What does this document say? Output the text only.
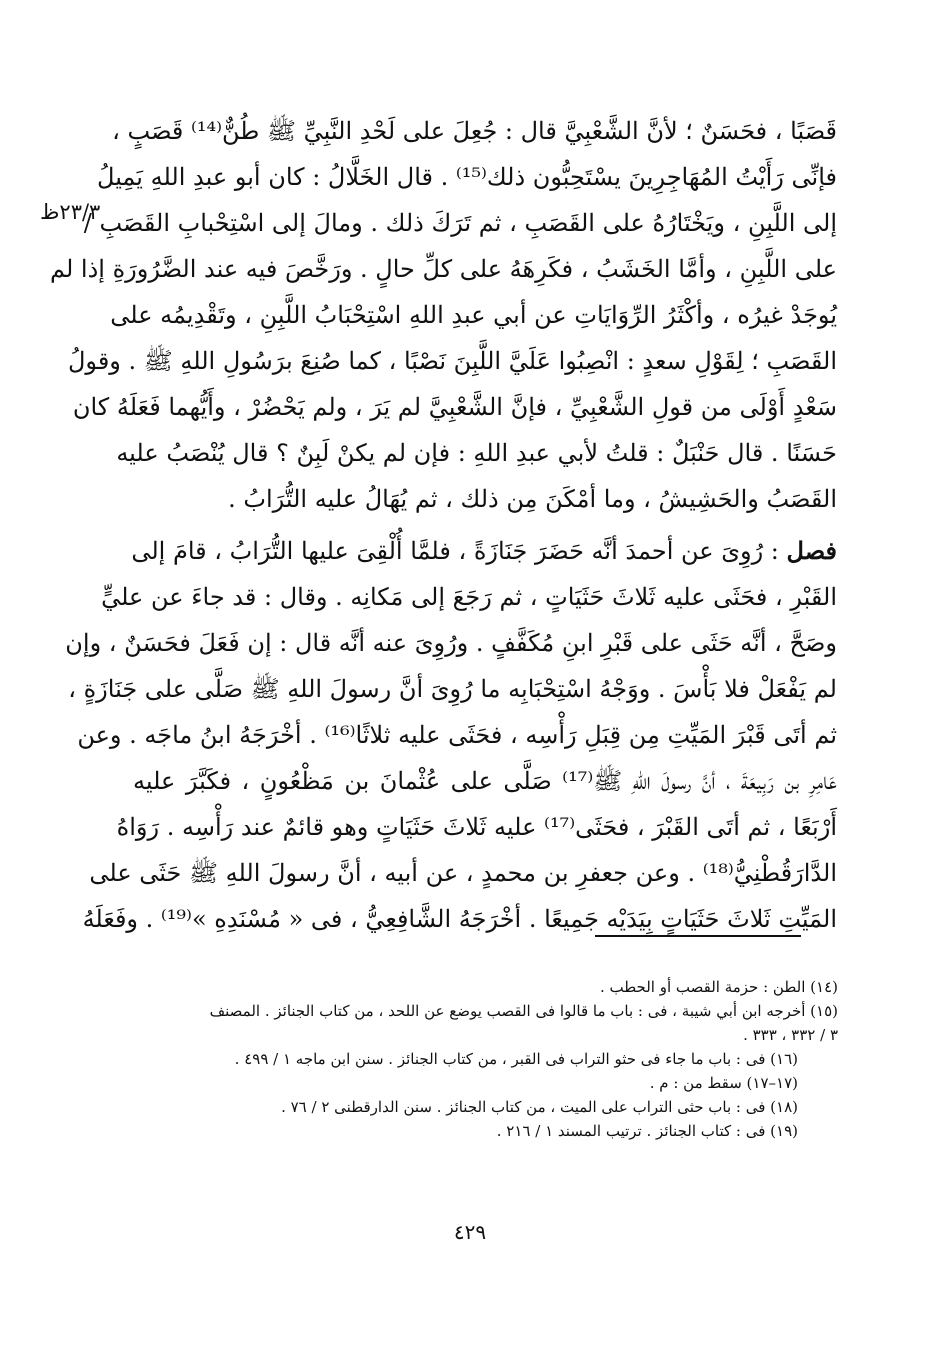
٢٣/٣ظ
قَصَبًا ، فحَسَنٌ ؛ لأنَّ الشَّعْبِيَّ قال : جُعِلَ على لَحْدِ النَّبِيِّ ﷺ طُنٌّ⁽¹⁴⁾ قَصَبٍ ،
فإنِّى رَأَيْتُ المُهَاجِرِينَ يسْتَحِبُّون ذلك⁽¹⁵⁾ . قال الخَلَّالُ : كان أبو عبدِ اللهِ يَمِيلُ
إلى اللَّبِنِ ، ويَخْتَارُهُ على القَصَبِ ، ثم تَرَكَ ذلك . ومالَ إلى اسْتِحْبابِ القَصَبِ /
على اللَّبِنِ ، وأمَّا الخَشَبُ ، فكَرِهَهُ على كلِّ حالٍ . ورَخَّصَ فيه عند الضَّرُورَةِ إذا لم
يُوجَدْ غيرُه ، وأكْثَرُ الرِّوَايَاتِ عن أبي عبدِ اللهِ اسْتِحْبَابُ اللَّبِنِ ، وتَقْدِيمُه على
القَصَبِ ؛ لِقَوْلِ سعدٍ : انْصِبُوا عَلَيَّ اللَّبِنَ نَصْبًا ، كما صُنِعَ برَسُولِ اللهِ ﷺ . وقولُ
سَعْدٍ أَوْلَى من قولِ الشَّعْبِيِّ ، فإنَّ الشَّعْبِيَّ لم يَرَ ، ولم يَحْضُرْ ، وأَيُّهما فَعَلَهُ كان
حَسَنًا . قال حَنْبَلٌ : قلتُ لأبي عبدِ اللهِ : فإن لم يكنْ لَبِنٌ ؟ قال يُنْصَبُ عليه
القَصَبُ والحَشِيشُ ، وما أمْكَنَ مِن ذلك ، ثم يُهَالُ عليه التُّرَابُ .
فصل : رُوِىَ عن أحمدَ أنَّه حَضَرَ جَنَازَةً ، فلمَّا أُلْقِىَ عليها التُّرَابُ ، قامَ إلى
القَبْرِ ، فحَثَى عليه ثَلاثَ حَثَيَاتٍ ، ثم رَجَعَ إلى مَكانِه . وقال : قد جاءَ عن عليٍّ
وصَحَّ ، أنَّه حَثَى على قَبْرِ ابنِ مُكَفَّفٍ . ورُوِىَ عنه أنَّه قال : إن فَعَلَ فحَسَنٌ ، وإن
لم يَفْعَلْ فلا بَأْسَ . ووَجْهُ اسْتِحْبَابِه ما رُوِىَ أنَّ رسولَ اللهِ ﷺ صَلَّى على جَنَازَةٍ ،
ثم أتَى قَبْرَ المَيِّتِ مِن قِبَلِ رَأْسِه ، فحَثَى عليه ثلاثًا⁽¹⁶⁾ . أخْرَجَهُ ابنُ ماجَه . وعن
عَامِرِ بن رَبِيعَةَ ، أنَّ رسولَ اللهِ ﷺ⁽¹⁷⁾ صَلَّى على عُثْمانَ بن مَظْعُونٍ ، فكَبَّرَ عليه
أَرْبَعًا ، ثم أتَى القَبْرَ ، فحَثَى⁽¹⁷⁾ عليه ثَلاثَ حَثَيَاتٍ وهو قائمٌ عند رَأْسِه . رَوَاهُ
الدَّارَقُطْنِيُّ⁽¹⁸⁾ . وعن جعفرِ بن محمدٍ ، عن أبيه ، أنَّ رسولَ اللهِ ﷺ حَثَى على
المَيِّتِ ثَلاثَ حَثَيَاتٍ بِيَدَيْه جَمِيعًا . أخْرَجَهُ الشَّافِعِيُّ ، فى « مُسْنَدِهِ »⁽¹⁹⁾ . وفَعَلَهُ
(١٤) الطن : حزمة القصب أو الحطب .
(١٥) أخرجه ابن أبي شيبة ، فى : باب ما قالوا فى القصب يوضع عن اللحد ، من كتاب الجنائز . المصنف
٣ / ٣٣٢ ، ٣٣٣ .
(١٦) فى : باب ما جاء فى حثو التراب فى القبر ، من كتاب الجنائز . سنن ابن ماجه ١ / ٤٩٩ .
(١٧–١٧) سقط من : م .
(١٨) فى : باب حثى التراب على الميت ، من كتاب الجنائز . سنن الدارقطنى ٢ / ٧٦ .
(١٩) فى : كتاب الجنائز . ترتيب المسند ١ / ٢١٦ .
٤٢٩
